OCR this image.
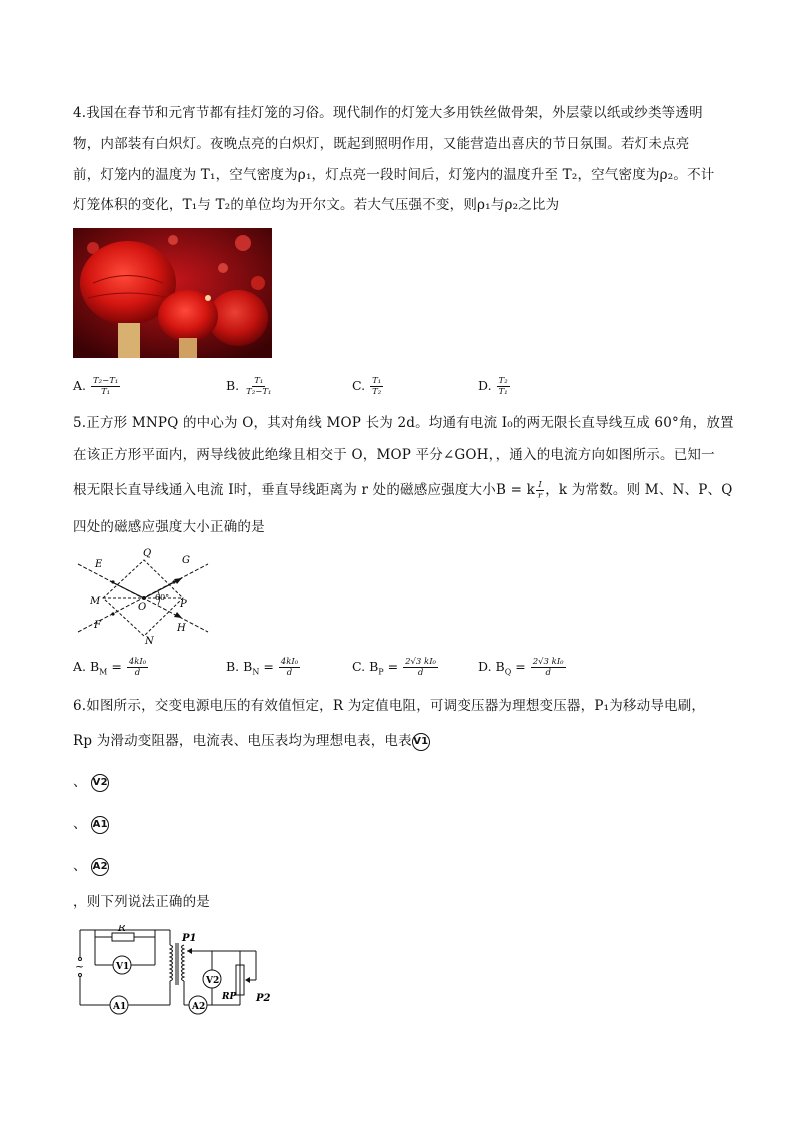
4.我国在春节和元宵节都有挂灯笼的习俗。现代制作的灯笼大多用铁丝做骨架，外层蒙以纸或纱类等透明
物，内部装有白炽灯。夜晚点亮的白炽灯，既起到照明作用，又能营造出喜庆的节日氛围。若灯未点亮
前，灯笼内的温度为 T₁，空气密度为ρ₁，灯点亮一段时间后，灯笼内的温度升至 T₂，空气密度为ρ₂。不计
灯笼体积的变化，T₁与 T₂的单位均为开尔文。若大气压强不变，则ρ₁与ρ₂之比为
A. $\frac{\text{T₂−T₁}}{\text{T₁}}$	B. $\frac{\text{T₁}}{\text{T₂−T₁}}$	C. $\frac{\text{T₁}}{\text{T₂}}$	D. $\frac{\text{T₂}}{\text{T₁}}$
5.正方形 MNPQ 的中心为 O，其对角线 MOP 长为 2d。均通有电流 I₀的两无限长直导线互成 60°角，放置
在该正方形平面内，两导线彼此绝缘且相交于 O，MOP 平分∠GOH，，通入的电流方向如图所示。已知一
根无限长直导线通入电流 I时，垂直导线距离为 r 处的磁感应强度大小B = k $\frac{I}{r}$ ，k 为常数。则 M、N、P、Q
四处的磁感应强度大小正确的是
E
Q
G
M
O
60°
P
F
N
H
A. $B_M = \frac{\text{4kI₀}}{d}$	B. $B_N = \frac{\text{4kI₀}}{d}$	C. $B_P = \frac{\text{2√3 kI₀}}{d}$	D. $B_Q = \frac{\text{2√3 kI₀}}{d}$
6.如图所示，交变电源电压的有效值恒定，R 为定值电阻，可调变压器为理想变压器，P₁为移动导电刷，
Rp 为滑动变阻器，电流表、电压表均为理想电表，电表V1
、 V2
、 A1
、 A2
，则下列说法正确的是
R
~	V1
A1
V2
A2
P1
RP P2
